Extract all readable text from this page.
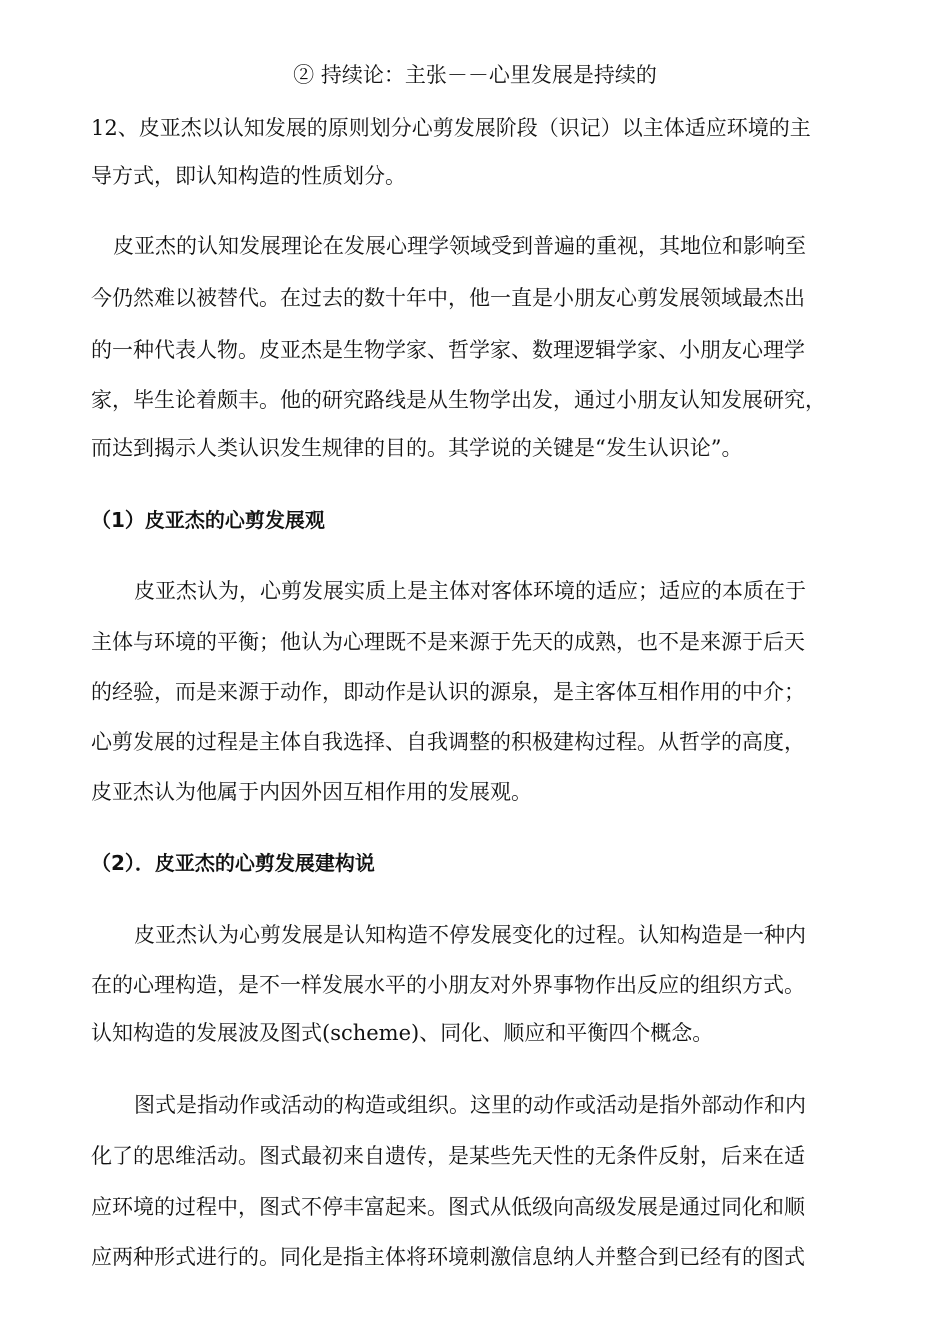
② 持续论：主张－－心里发展是持续的
12、皮亚杰以认知发展的原则划分心剪发展阶段（识记）以主体适应环境的主
导方式，即认知构造的性质划分。
皮亚杰的认知发展理论在发展心理学领域受到普遍的重视，其地位和影响至
今仍然难以被替代。在过去的数十年中，他一直是小朋友心剪发展领域最杰出
的一种代表人物。皮亚杰是生物学家、哲学家、数理逻辑学家、小朋友心理学
家，毕生论着颇丰。他的研究路线是从生物学出发，通过小朋友认知发展研究，
而达到揭示人类认识发生规律的目的。其学说的关键是“发生认识论”。
（1）皮亚杰的心剪发展观
皮亚杰认为，心剪发展实质上是主体对客体环境的适应；适应的本质在于
主体与环境的平衡；他认为心理既不是来源于先天的成熟，也不是来源于后天
的经验，而是来源于动作，即动作是认识的源泉，是主客体互相作用的中介；
心剪发展的过程是主体自我选择、自我调整的积极建构过程。从哲学的高度，
皮亚杰认为他属于内因外因互相作用的发展观。
（2）．皮亚杰的心剪发展建构说
皮亚杰认为心剪发展是认知构造不停发展变化的过程。认知构造是一种内
在的心理构造，是不一样发展水平的小朋友对外界事物作出反应的组织方式。
认知构造的发展波及图式(scheme)、同化、顺应和平衡四个概念。
图式是指动作或活动的构造或组织。这里的动作或活动是指外部动作和内
化了的思维活动。图式最初来自遗传，是某些先天性的无条件反射，后来在适
应环境的过程中，图式不停丰富起来。图式从低级向高级发展是通过同化和顺
应两种形式进行的。同化是指主体将环境刺激信息纳人并整合到已经有的图式
